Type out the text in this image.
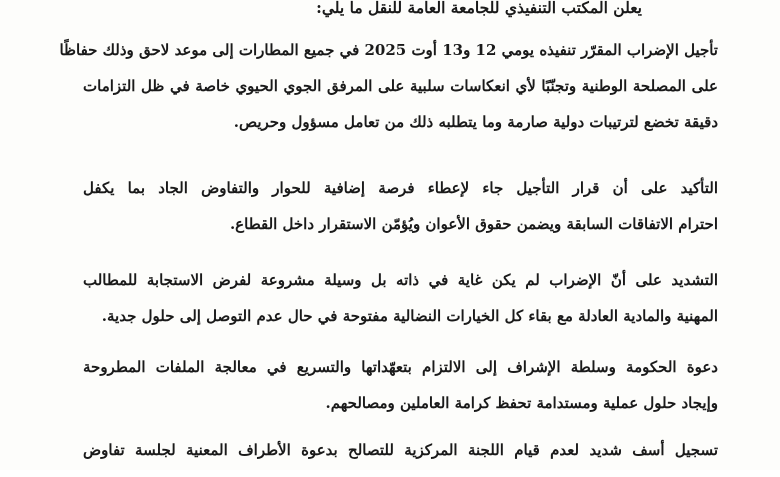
يعلن المكتب التنفيذي للجامعة العامة للنقل ما يلي:
تأجيل الإضراب المقرّر تنفيذه يومي 12 و13 أوت 2025 في جميع المطارات إلى موعد لاحق وذلك حفاظًا
على المصلحة الوطنية وتجنّبًا لأي انعكاسات سلبية على المرفق الجوي الحيوي خاصة في ظل التزامات
دقيقة تخضع لترتيبات دولية صارمة وما يتطلبه ذلك من تعامل مسؤول وحريص.
التأكيد على أن قرار التأجيل جاء لإعطاء فرصة إضافية للحوار والتفاوض الجاد بما يكفل
احترام الاتفاقات السابقة ويضمن حقوق الأعوان ويُؤمّن الاستقرار داخل القطاع.
التشديد على أنّ الإضراب لم يكن غاية في ذاته بل وسيلة مشروعة لفرض الاستجابة للمطالب
المهنية والمادية العادلة مع بقاء كل الخيارات النضالية مفتوحة في حال عدم التوصل إلى حلول جدية.
دعوة الحكومة وسلطة الإشراف إلى الالتزام بتعهّداتها والتسريع في معالجة الملفات المطروحة
وإيجاد حلول عملية ومستدامة تحفظ كرامة العاملين ومصالحهم.
تسجيل أسف شديد لعدم قيام اللجنة المركزية للتصالح بدعوة الأطراف المعنية لجلسة تفاوض
